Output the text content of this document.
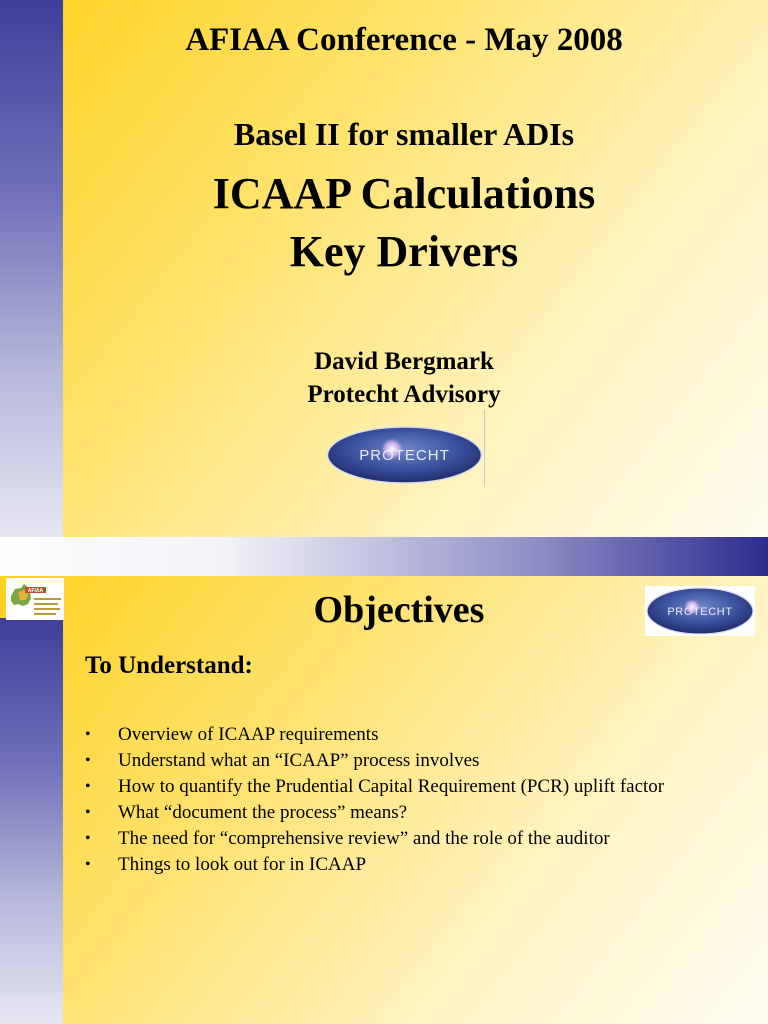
AFIAA Conference - May 2008
Basel II for smaller ADIs
ICAAP Calculations
Key Drivers
David Bergmark
Protecht Advisory
PROTECHT
AFIAA	Objectives	PROTECHT
To Understand:
• Overview of ICAAP requirements
• Understand what an “ICAAP” process involves
• How to quantify the Prudential Capital Requirement (PCR) uplift factor
• What “document the process” means?
• The need for “comprehensive review” and the role of the auditor
• Things to look out for in ICAAP
